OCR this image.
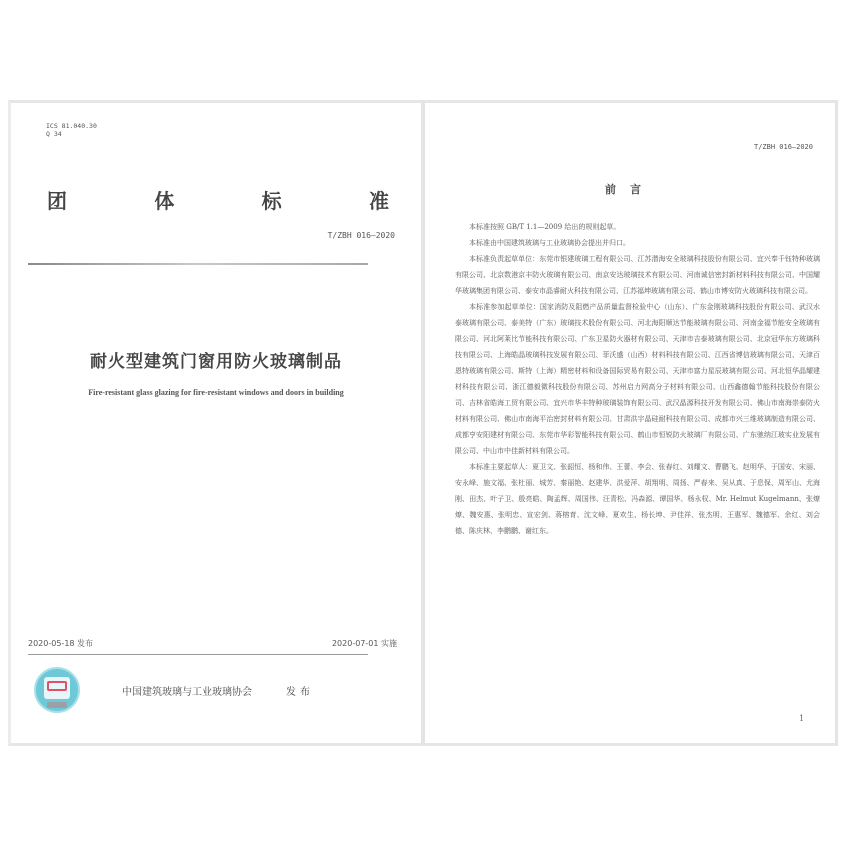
ICS 81.040.30
Q 34
团	体	标	准
T/ZBH 016—2020
耐火型建筑门窗用防火玻璃制品
Fire-resistant glass glazing for fire-resistant windows and doors in building
2020-05-18 发布	2020-07-01 实施
中国建筑玻璃与工业玻璃协会	发布
T/ZBH 016—2020
前言

本标准按照 GB/T 1.1—2009 给出的规则起草。

本标准由中国建筑玻璃与工业玻璃协会提出并归口。

本标准负责起草单位：东莞市银建玻璃工程有限公司、江苏潜海安全玻璃科技股份有限公司、宜兴奉千钰特种玻璃有限公司、北京数港京丰防火玻璃有限公司、南京安达玻璃技术有限公司、河南诚信密封新材料科技有限公司、中国耀华玻璃集团有限公司、泰安市晶睿耐火科技有限公司、江苏福坤玻璃有限公司、鹤山市博安防火玻璃科技有限公司。

本标准参加起草单位：国家消防及阻燃产品质量监督检验中心（山东）、广东金刚玻璃科技股份有限公司、武汉水泰玻璃有限公司、泰美特（广东）玻璃技术股份有限公司、河北海阳顺达节能玻璃有限公司、河南金福节能安全玻璃有限公司、河北阿莱比节能科技有限公司、广东卫星防火器材有限公司、天津市吉泰玻璃有限公司、北京冠华东方玻璃科技有限公司、上海皓晶玻璃科技发展有限公司、菲沃盛（山西）材料科技有限公司、江西省博信玻璃有限公司、天津百恩特玻璃有限公司、斯特（上海）精密材料和设备国际贸易有限公司、天津市富力星辰玻璃有限公司、河北恒华晶耀建材科技有限公司、浙江德毅微科技股份有限公司、苏州启力网高分子材料有限公司、山西鑫德翰节能科技股份有限公司、吉林省皓海工贸有限公司、宜兴市华丰特种玻璃装饰有限公司、武汉晶源科技开发有限公司、佛山市南海崇泰防火材料有限公司、佛山市南海平治密封材料有限公司、甘肃洪宇晶硅耐科技有限公司、成都市兴三维玻璃制造有限公司、成都亨安阳建材有限公司、东莞市华彩智能科技有限公司、鹤山市恒锐防火玻璃厂有限公司、广东驰纳江玻实业发展有限公司、中山市中佳新材料有限公司。

本标准主要起草人：夏卫文、张韶恒、杨和伟、王蕾、李会、张春红、刘耀文、曹鹏飞、赵明华、于国安、宋丽、安永峰、施文福、张杜丽、城芳、秦丽艳、赵建华、洪爱萍、胡翔明、周扬、严春来、吴从真、于息保、周军山、尤海刚、田杰、叶子卫、殷亮皓、陶孟辉、周国伟、汪青松、冯森源、谭国华、杨永权、Mr. Helmut Kugelmann、张燎燎、魏安惠、张明忠、宣宏剑、蒋榕育、沈文峰、夏欢生、杨长坤、尹佳祥、张杰明、王惠军、魏德军、余红、刘会德、陈庆林、李鹏鹏、谢红东。

1
